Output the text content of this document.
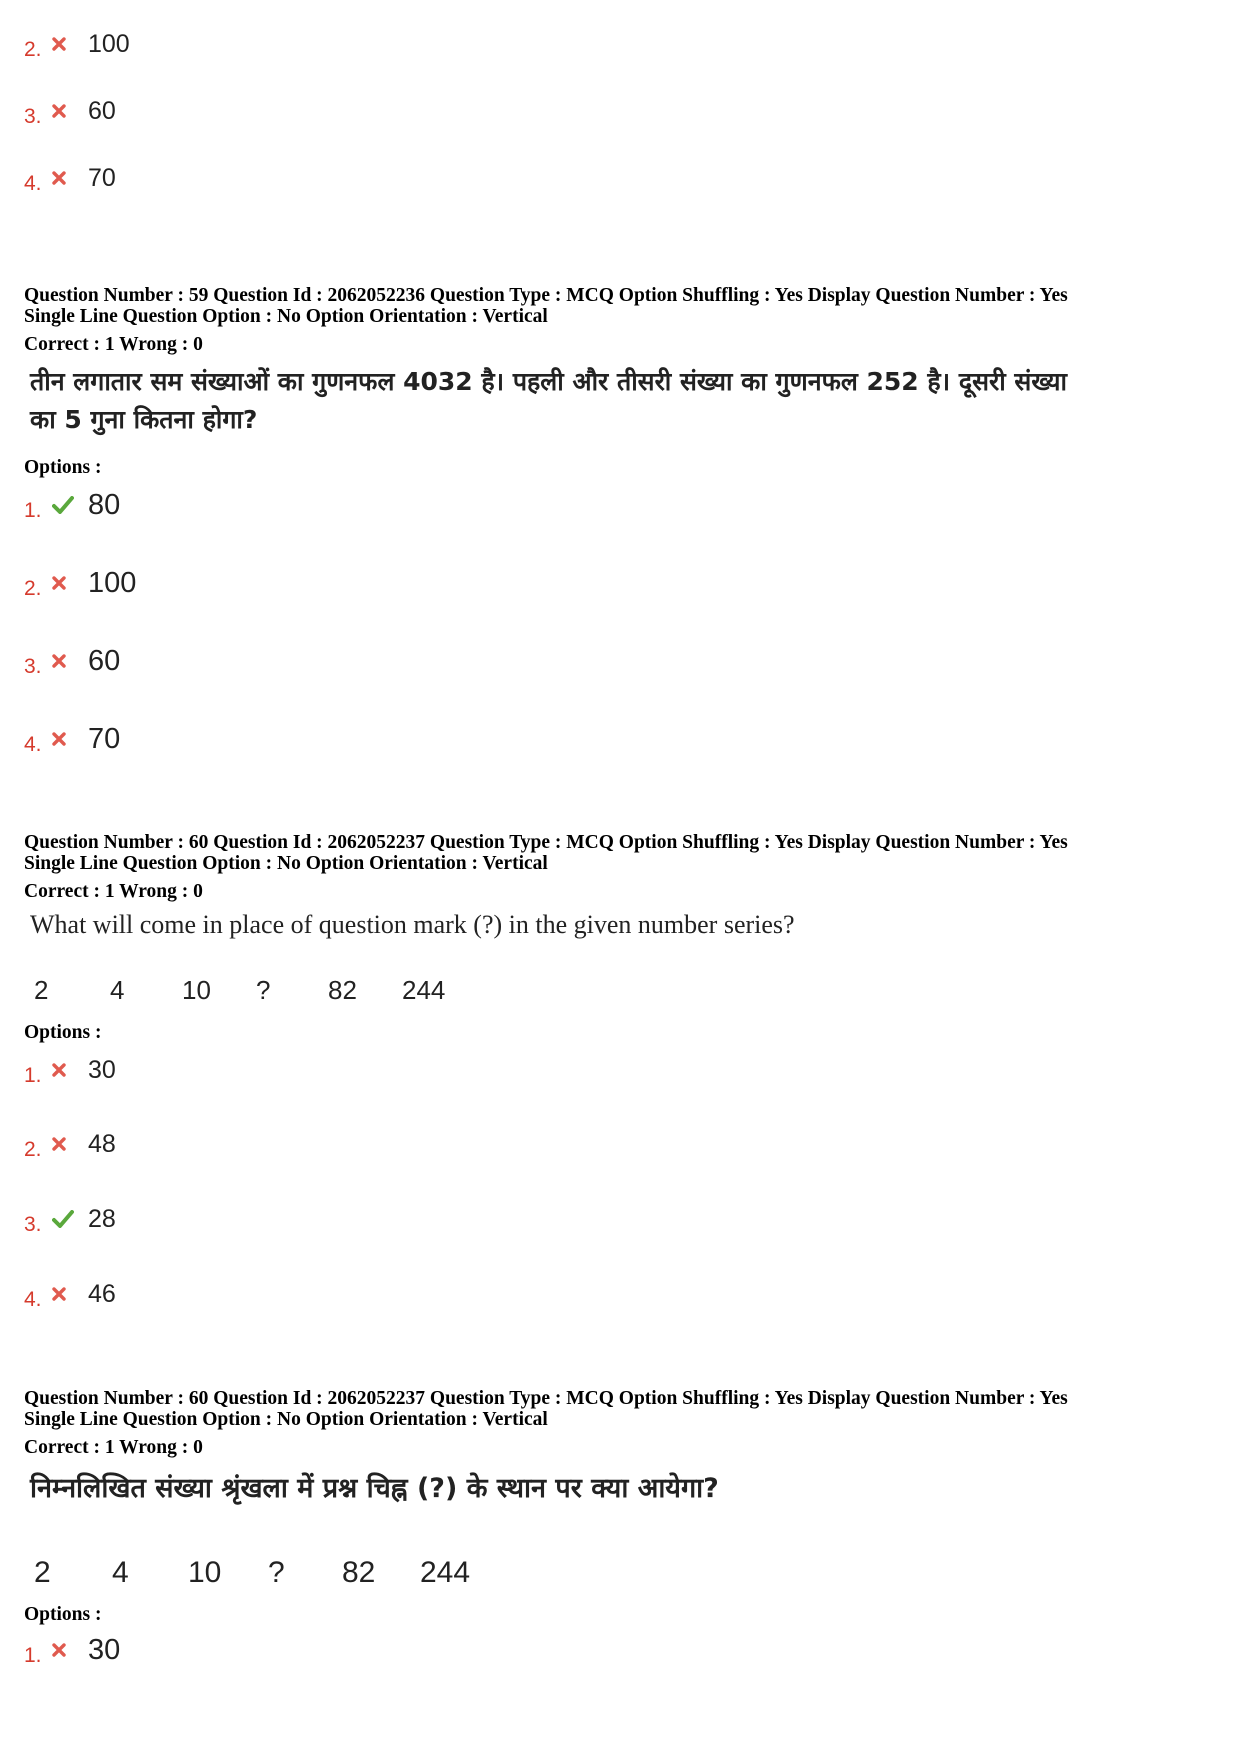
2.	100
3.	60
4.	70
Question Number : 59 Question Id : 2062052236 Question Type : MCQ Option Shuffling : Yes Display Question Number : Yes
Single Line Question Option : No Option Orientation : Vertical
Correct : 1 Wrong : 0
तीन लगातार सम संख्याओं का गुणनफल 4032 है। पहली और तीसरी संख्या का गुणनफल 252 है। दूसरी संख्या
का 5 गुना कितना होगा?
Options :
1.	80
2.	100
3.	60
4.	70
Question Number : 60 Question Id : 2062052237 Question Type : MCQ Option Shuffling : Yes Display Question Number : Yes
Single Line Question Option : No Option Orientation : Vertical
Correct : 1 Wrong : 0
What will come in place of question mark (?) in the given number series?
2 4 10 ? 82 244
Options :
1.	30
2.	48
3.	28
4.	46
Question Number : 60 Question Id : 2062052237 Question Type : MCQ Option Shuffling : Yes Display Question Number : Yes
Single Line Question Option : No Option Orientation : Vertical
Correct : 1 Wrong : 0
निम्नलिखित संख्या श्रृंखला में प्रश्न चिह्न (?) के स्थान पर क्या आयेगा?
2 4 10 ? 82 244
Options :
1.	30
